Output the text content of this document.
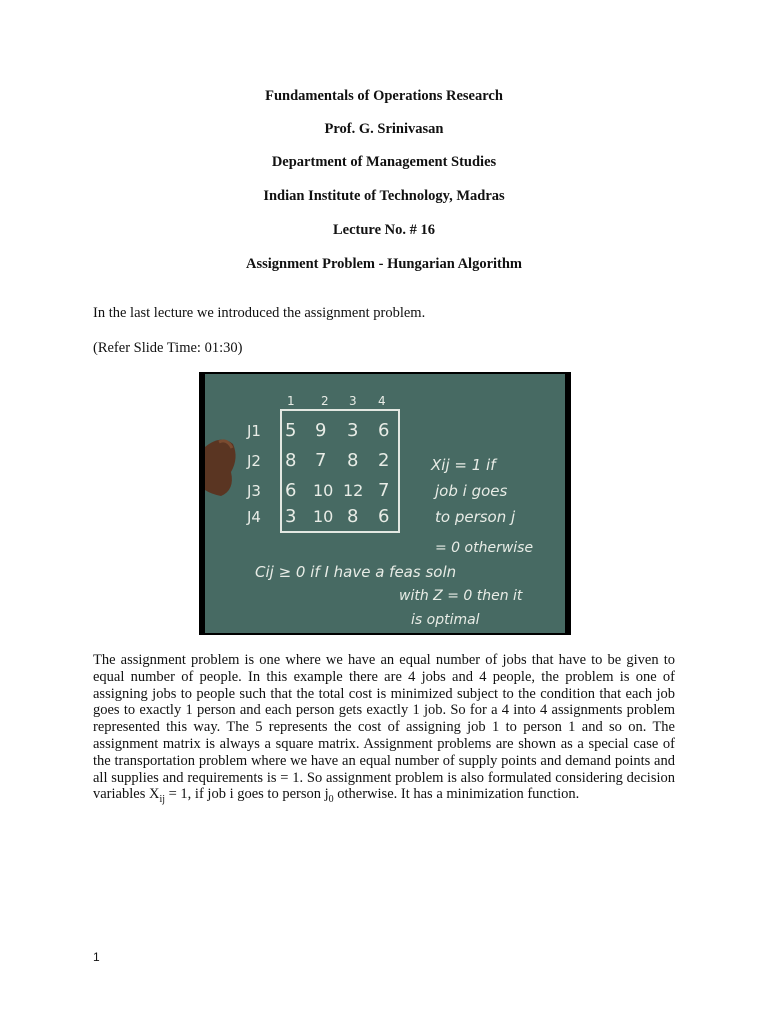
Fundamentals of Operations Research
Prof. G. Srinivasan
Department of Management Studies
Indian Institute of Technology, Madras
Lecture No. # 16
Assignment Problem - Hungarian Algorithm
In the last lecture we introduced the assignment problem.
(Refer Slide Time: 01:30)
1 2 3 4
J1
J2
J3
J4
5 9 3 6
8 7 8 2
6 10 12 7
3 10 8 6
Xij = 1 if
job i goes
to person j
= 0 otherwise
Cij ≥ 0 if I have a feas soln
with Z = 0 then it
is optimal
The assignment problem is one where we have an equal number of jobs that have to be given to equal number of people. In this example there are 4 jobs and 4 people, the problem is one of assigning jobs to people such that the total cost is minimized subject to the condition that each job goes to exactly 1 person and each person gets exactly 1 job. So for a 4 into 4 assignments problem represented this way. The 5 represents the cost of assigning job 1 to person 1 and so on. The assignment matrix is always a square matrix. Assignment problems are shown as a special case of the transportation problem where we have an equal number of supply points and demand points and all supplies and requirements is = 1. So assignment problem is also formulated considering decision variables $X_{ij} = 1$, if job i goes to person $j_0$ otherwise. It has a minimization function.
1
